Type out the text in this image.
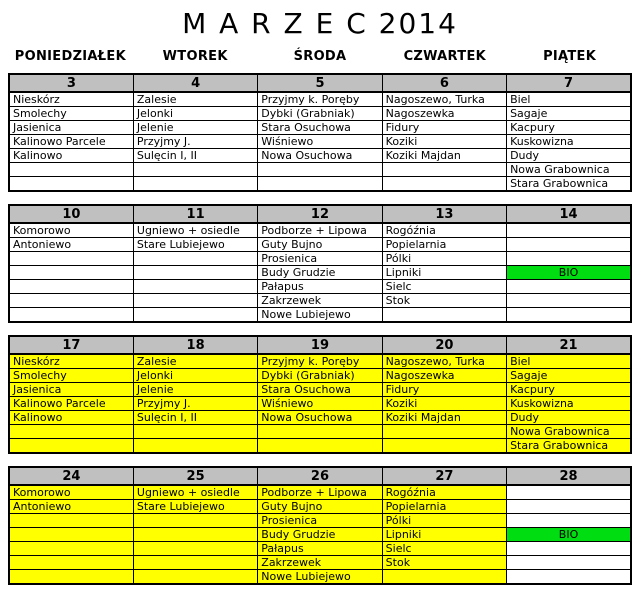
M A R Z E C 2014
PONIEDZIAŁEK	WTOREK	ŚRODA	CZWARTEK	PIĄTEK
3	4	5	6	7
Nieskórz	Zalesie	Przyjmy k. Poręby	Nagoszewo, Turka	Biel
Smolechy	Jelonki	Dybki (Grabniak)	Nagoszewka	Sagaje
Jasienica	Jelenie	Stara Osuchowa	Fidury	Kacpury
Kalinowo Parcele	Przyjmy J.	Wiśniewo	Koziki	Kuskowizna
Kalinowo	Sulęcin I, II	Nowa Osuchowa	Koziki Majdan	Dudy
				Nowa Grabownica
				Stara Grabownica
10	11	12	13	14
Komorowo	Ugniewo + osiedle	Podborze + Lipowa	Rogóźnia	
Antoniewo	Stare Lubiejewo	Guty Bujno	Popielarnia	
		Prosienica	Pólki	
		Budy Grudzie	Lipniki	BIO
		Pałapus	Sielc	
		Zakrzewek	Stok	
		Nowe Lubiejewo		
17	18	19	20	21
Nieskórz	Zalesie	Przyjmy k. Poręby	Nagoszewo, Turka	Biel
Smolechy	Jelonki	Dybki (Grabniak)	Nagoszewka	Sagaje
Jasienica	Jelenie	Stara Osuchowa	Fidury	Kacpury
Kalinowo Parcele	Przyjmy J.	Wiśniewo	Koziki	Kuskowizna
Kalinowo	Sulęcin I, II	Nowa Osuchowa	Koziki Majdan	Dudy
				Nowa Grabownica
				Stara Grabownica
24	25	26	27	28
Komorowo	Ugniewo + osiedle	Podborze + Lipowa	Rogóźnia	
Antoniewo	Stare Lubiejewo	Guty Bujno	Popielarnia	
		Prosienica	Pólki	
		Budy Grudzie	Lipniki	BIO
		Pałapus	Sielc	
		Zakrzewek	Stok	
		Nowe Lubiejewo		
